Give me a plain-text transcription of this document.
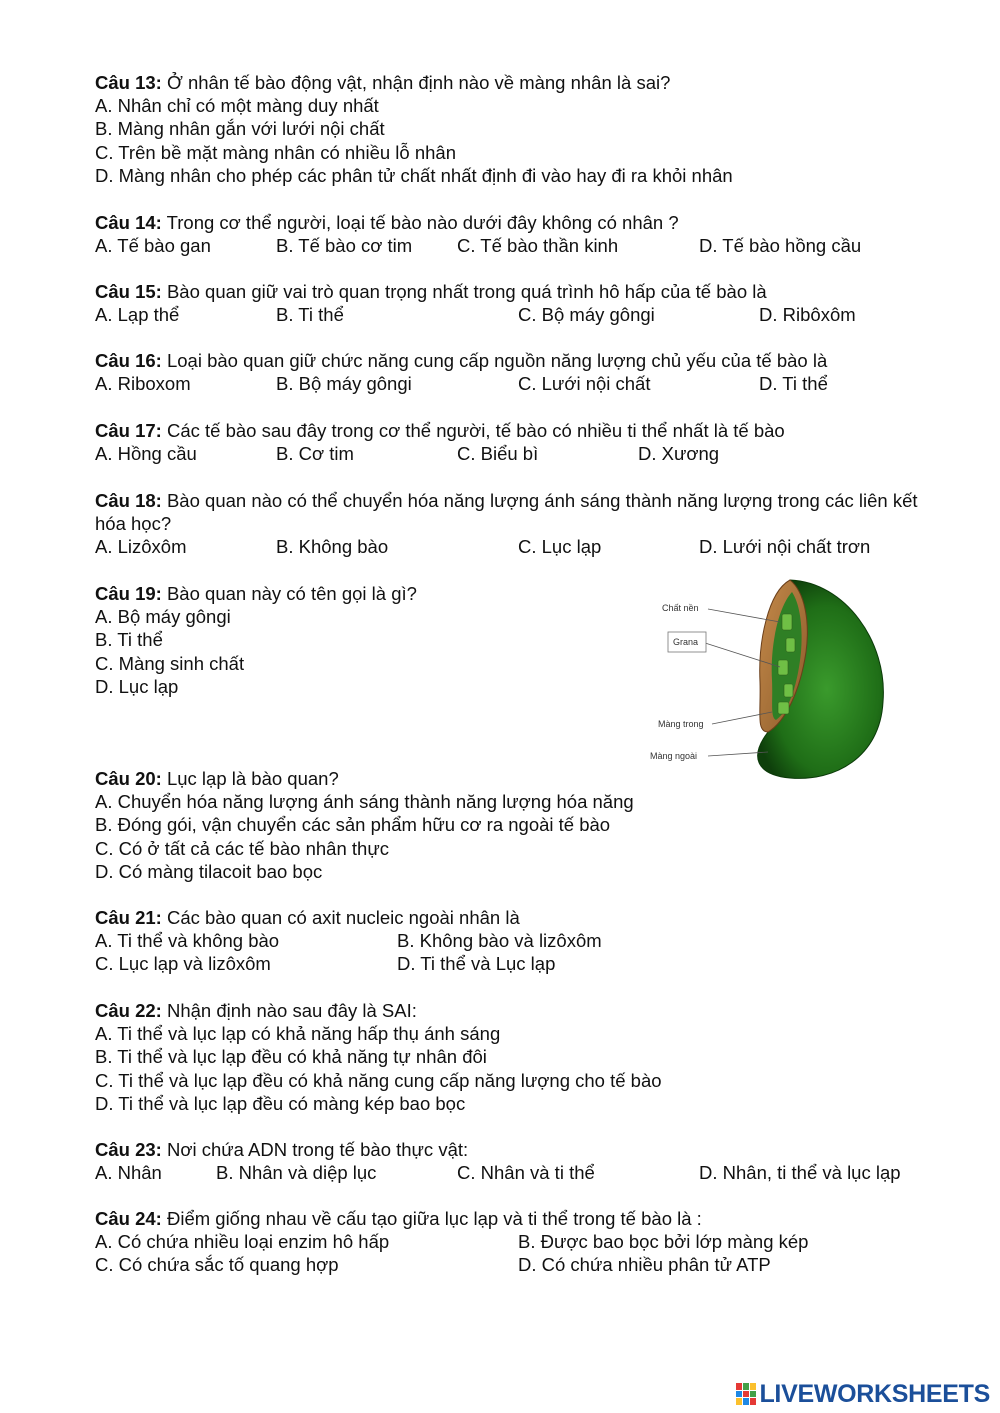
Câu 13: Ở nhân tế bào động vật, nhận định nào về màng nhân là sai?
A. Nhân chỉ có một màng duy nhất
B. Màng nhân gắn với lưới nội chất
C. Trên bề mặt màng nhân có nhiều lỗ nhân
D. Màng nhân cho phép các phân tử chất nhất định đi vào hay đi ra khỏi nhân
Câu 14: Trong cơ thể người, loại tế bào nào dưới đây không có nhân ?
A. Tế bào gan	B. Tế bào cơ tim C. Tế bào thần kinh	D. Tế bào hồng cầu
Câu 15: Bào quan giữ vai trò quan trọng nhất trong quá trình hô hấp của tế bào là
A. Lạp thể	B. Ti thể	C. Bộ máy gôngi	D. Ribôxôm
Câu 16: Loại bào quan giữ chức năng cung cấp nguồn năng lượng chủ yếu của tế bào là
A. Riboxom	B. Bộ máy gôngi	C. Lưới nội chất	D. Ti thể
Câu 17: Các tế bào sau đây trong cơ thể người, tế bào có nhiều ti thể nhất là tế bào
A. Hồng cầu	B. Cơ tim	C. Biểu bì	D. Xương
Câu 18: Bào quan nào có thể chuyển hóa năng lượng ánh sáng thành năng lượng trong các liên kết hóa học?
A. Lizôxôm	B. Không bào	C. Lục lạp	D. Lưới nội chất trơn
Câu 19: Bào quan này có tên gọi là gì?
A. Bộ máy gôngi
B. Ti thể
C. Màng sinh chất
D. Lục lạp
Chất nền
Grana
Màng trong
Màng ngoài
Câu 20: Lục lạp là bào quan?
A. Chuyển hóa năng lượng ánh sáng thành năng lượng hóa năng
B. Đóng gói, vận chuyển các sản phẩm hữu cơ ra ngoài tế bào
C. Có ở tất cả các tế bào nhân thực
D. Có màng tilacoit bao bọc
Câu 21: Các bào quan có axit nucleic ngoài nhân là
A. Ti thể và không bào	B. Không bào và lizôxôm
C. Lục lạp và lizôxôm	D. Ti thể và Lục lạp
Câu 22: Nhận định nào sau đây là SAI:
A. Ti thể và lục lạp có khả năng hấp thụ ánh sáng
B. Ti thể và lục lạp đều có khả năng tự nhân đôi
C. Ti thể và lục lạp đều có khả năng cung cấp năng lượng cho tế bào
D. Ti thể và lục lạp đều có màng kép bao bọc
Câu 23: Nơi chứa ADN trong tế bào thực vật:
A. Nhân	B. Nhân và diệp lục	C. Nhân và ti thể	D. Nhân, ti thể và lục lạp
Câu 24: Điểm giống nhau về cấu tạo giữa lục lạp và ti thể trong tế bào là :
A. Có chứa nhiều loại enzim hô hấp	B. Được bao bọc bởi lớp màng kép
C. Có chứa sắc tố quang hợp	D. Có chứa nhiều phân tử ATP
LIVEWORKSHEETS
